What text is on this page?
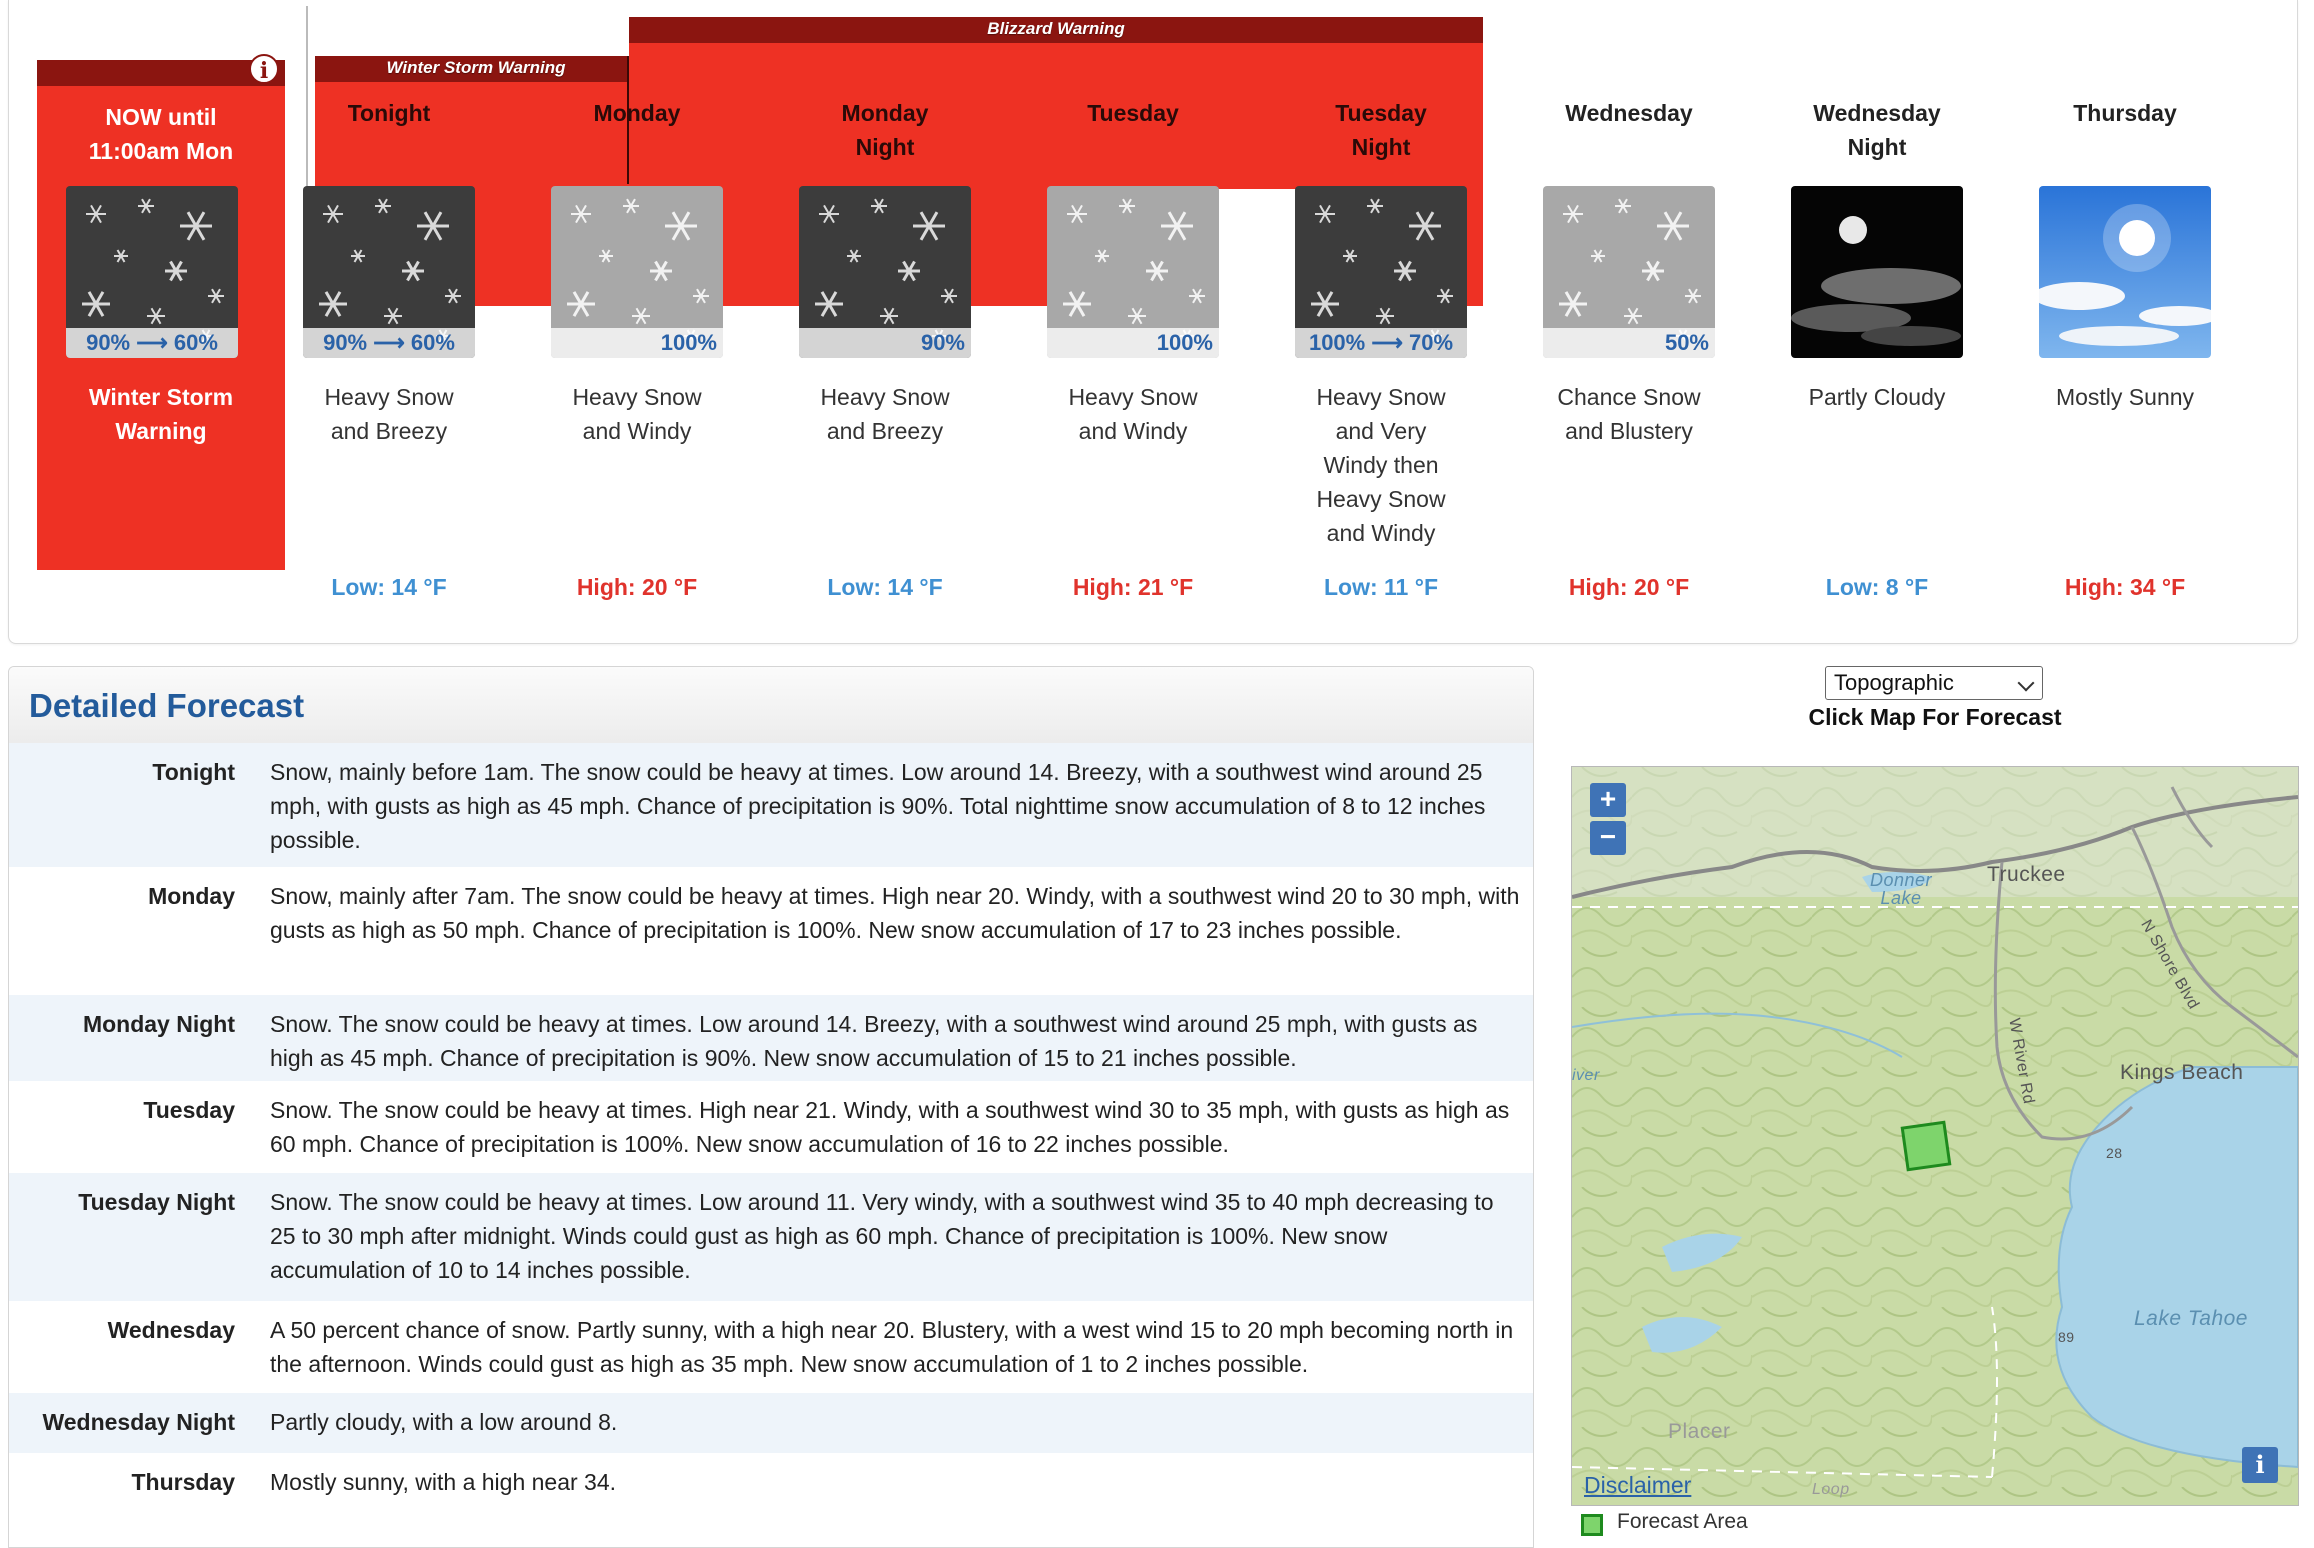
Winter Storm Warning
Blizzard Warning
i
NOW until
11:00am Mon
90% ⟶ 60%
Winter Storm
Warning
Tonight
90% ⟶ 60%
Heavy Snow
and Breezy
Low: 14 °F
Monday
100%
Heavy Snow
and Windy
High: 20 °F
Monday
Night
90%
Heavy Snow
and Breezy
Low: 14 °F
Tuesday
100%
Heavy Snow
and Windy
High: 21 °F
Tuesday
Night
100% ⟶ 70%
Heavy Snow
and Very
Windy then
Heavy Snow
and Windy
Low: 11 °F
Wednesday
50%
Chance Snow
and Blustery
High: 20 °F
Wednesday
Night
Partly Cloudy
Low: 8 °F
Thursday
Mostly Sunny
High: 34 °F
Detailed Forecast
Tonight Snow, mainly before 1am. The snow could be heavy at times. Low around 14. Breezy, with a southwest wind around 25 mph, with gusts as high as 45 mph. Chance of precipitation is 90%. Total nighttime snow accumulation of 8 to 12 inches possible.
Monday Snow, mainly after 7am. The snow could be heavy at times. High near 20. Windy, with a southwest wind 20 to 30 mph, with gusts as high as 50 mph. Chance of precipitation is 100%. New snow accumulation of 17 to 23 inches possible.
Monday Night Snow. The snow could be heavy at times. Low around 14. Breezy, with a southwest wind around 25 mph, with gusts as high as 45 mph. Chance of precipitation is 90%. New snow accumulation of 15 to 21 inches possible.
Tuesday Snow. The snow could be heavy at times. High near 21. Windy, with a southwest wind 30 to 35 mph, with gusts as high as 60 mph. Chance of precipitation is 100%. New snow accumulation of 16 to 22 inches possible.
Tuesday Night Snow. The snow could be heavy at times. Low around 11. Very windy, with a southwest wind 35 to 40 mph decreasing to 25 to 30 mph after midnight. Winds could gust as high as 60 mph. Chance of precipitation is 100%. New snow accumulation of 10 to 14 inches possible.
Wednesday A 50 percent chance of snow. Partly sunny, with a high near 20. Blustery, with a west wind 15 to 20 mph becoming north in the afternoon. Winds could gust as high as 35 mph. New snow accumulation of 1 to 2 inches possible.
Wednesday Night Partly cloudy, with a low around 8.
Thursday Mostly sunny, with a high near 34.
Topographic
Click Map For Forecast
+
−
Truckee
Donner
Lake
N Shore Blvd
W River Rd	Kings Beach
Lake Tahoe
Placer
iver
Loop
28
89
Disclaimer
i
Forecast Area
